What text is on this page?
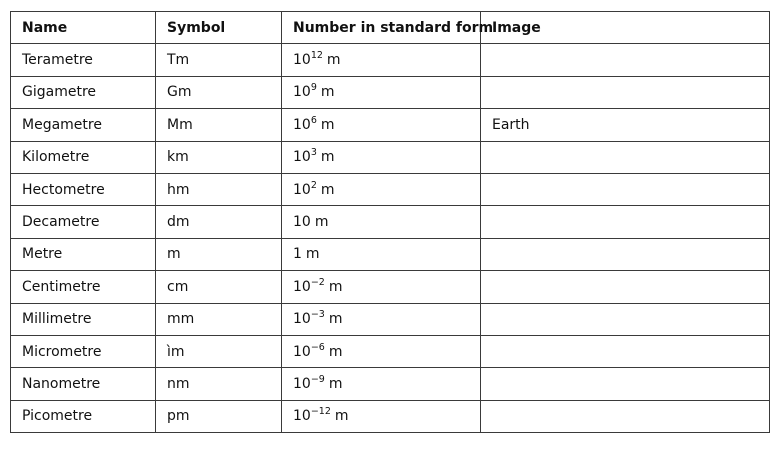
Name	Symbol	Number in standard form	Image
Terametre	Tm	$10^{12}$ m	
Gigametre	Gm	$10^9$ m	
Megametre	Mm	$10^6$ m	Earth
Kilometre	km	$10^3$ m	
Hectometre	hm	$10^2$ m	
Decametre	dm	10 m	
Metre	m	1 m	
Centimetre	cm	$10^{-2}$ m	
Millimetre	mm	$10^{-3}$ m	
Micrometre	ìm	$10^{-6}$ m	
Nanometre	nm	$10^{-9}$ m	
Picometre	pm	$10^{-12}$ m	
